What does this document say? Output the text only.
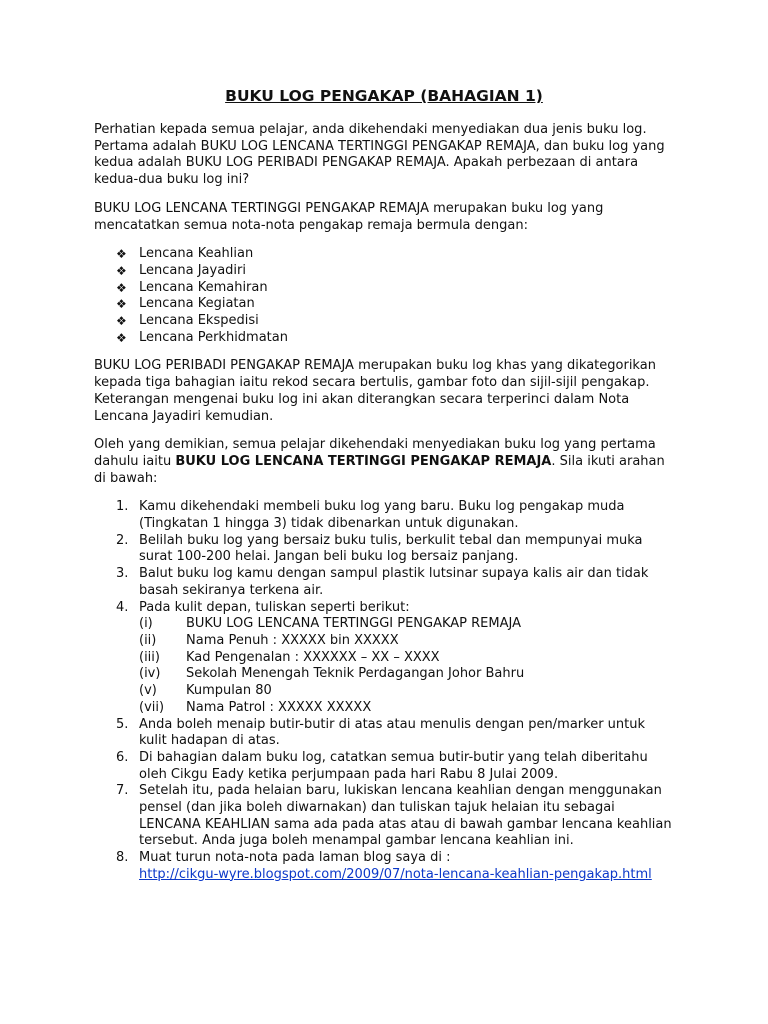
BUKU LOG PENGAKAP (BAHAGIAN 1)

Perhatian kepada semua pelajar, anda dikehendaki menyediakan dua jenis buku log. Pertama adalah BUKU LOG LENCANA TERTINGGI PENGAKAP REMAJA, dan buku log yang kedua adalah BUKU LOG PERIBADI PENGAKAP REMAJA. Apakah perbezaan di antara kedua-dua buku log ini?

BUKU LOG LENCANA TERTINGGI PENGAKAP REMAJA merupakan buku log yang mencatatkan semua nota-nota pengakap remaja bermula dengan:

❖ Lencana Keahlian
❖ Lencana Jayadiri
❖ Lencana Kemahiran
❖ Lencana Kegiatan
❖ Lencana Ekspedisi
❖ Lencana Perkhidmatan

BUKU LOG PERIBADI PENGAKAP REMAJA merupakan buku log khas yang dikategorikan kepada tiga bahagian iaitu rekod secara bertulis, gambar foto dan sijil-sijil pengakap. Keterangan mengenai buku log ini akan diterangkan secara terperinci dalam Nota Lencana Jayadiri kemudian.

Oleh yang demikian, semua pelajar dikehendaki menyediakan buku log yang pertama dahulu iaitu BUKU LOG LENCANA TERTINGGI PENGAKAP REMAJA. Sila ikuti arahan di bawah:

1. Kamu dikehendaki membeli buku log yang baru. Buku log pengakap muda (Tingkatan 1 hingga 3) tidak dibenarkan untuk digunakan.
2. Belilah buku log yang bersaiz buku tulis, berkulit tebal dan mempunyai muka surat 100-200 helai. Jangan beli buku log bersaiz panjang.
3. Balut buku log kamu dengan sampul plastik lutsinar supaya kalis air dan tidak basah sekiranya terkena air.
4. Pada kulit depan, tuliskan seperti berikut:
(i)	BUKU LOG LENCANA TERTINGGI PENGAKAP REMAJA
(ii) Nama Penuh : XXXXX bin XXXXX
(iii) Kad Pengenalan : XXXXXX – XX – XXXX
(iv) Sekolah Menengah Teknik Perdagangan Johor Bahru
(v) Kumpulan 80
(vii) Nama Patrol : XXXXX XXXXX
5. Anda boleh menaip butir-butir di atas atau menulis dengan pen/marker untuk kulit hadapan di atas.
6. Di bahagian dalam buku log, catatkan semua butir-butir yang telah diberitahu oleh Cikgu Eady ketika perjumpaan pada hari Rabu 8 Julai 2009.
7. Setelah itu, pada helaian baru, lukiskan lencana keahlian dengan menggunakan pensel (dan jika boleh diwarnakan) dan tuliskan tajuk helaian itu sebagai LENCANA KEAHLIAN sama ada pada atas atau di bawah gambar lencana keahlian tersebut. Anda juga boleh menampal gambar lencana keahlian ini.
8. Muat turun nota-nota pada laman blog saya di :
http://cikgu-wyre.blogspot.com/2009/07/nota-lencana-keahlian-pengakap.html
